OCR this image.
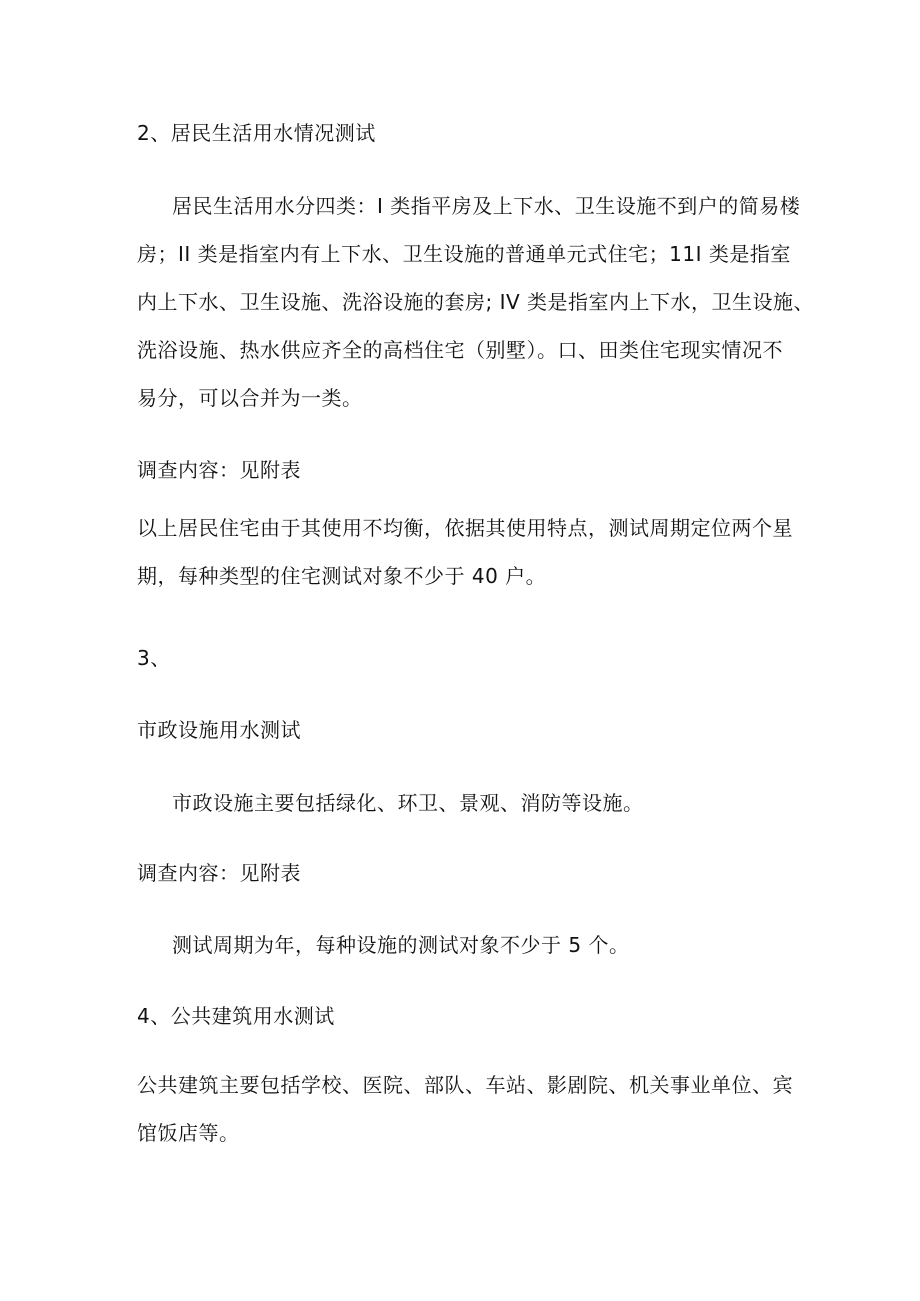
2、居民生活用水情况测试
居民生活用水分四类：I 类指平房及上下水、卫生设施不到户的简易楼
房；II 类是指室内有上下水、卫生设施的普通单元式住宅；11I 类是指室
内上下水、卫生设施、洗浴设施的套房; IV 类是指室内上下水，卫生设施、
洗浴设施、热水供应齐全的高档住宅（别墅）。口、田类住宅现实情况不
易分，可以合并为一类。
调查内容：见附表
以上居民住宅由于其使用不均衡，依据其使用特点，测试周期定位两个星
期，每种类型的住宅测试对象不少于 40 户。
3、
市政设施用水测试
市政设施主要包括绿化、环卫、景观、消防等设施。
调查内容：见附表
测试周期为年，每种设施的测试对象不少于 5 个。
4、公共建筑用水测试
公共建筑主要包括学校、医院、部队、车站、影剧院、机关事业单位、宾
馆饭店等。
